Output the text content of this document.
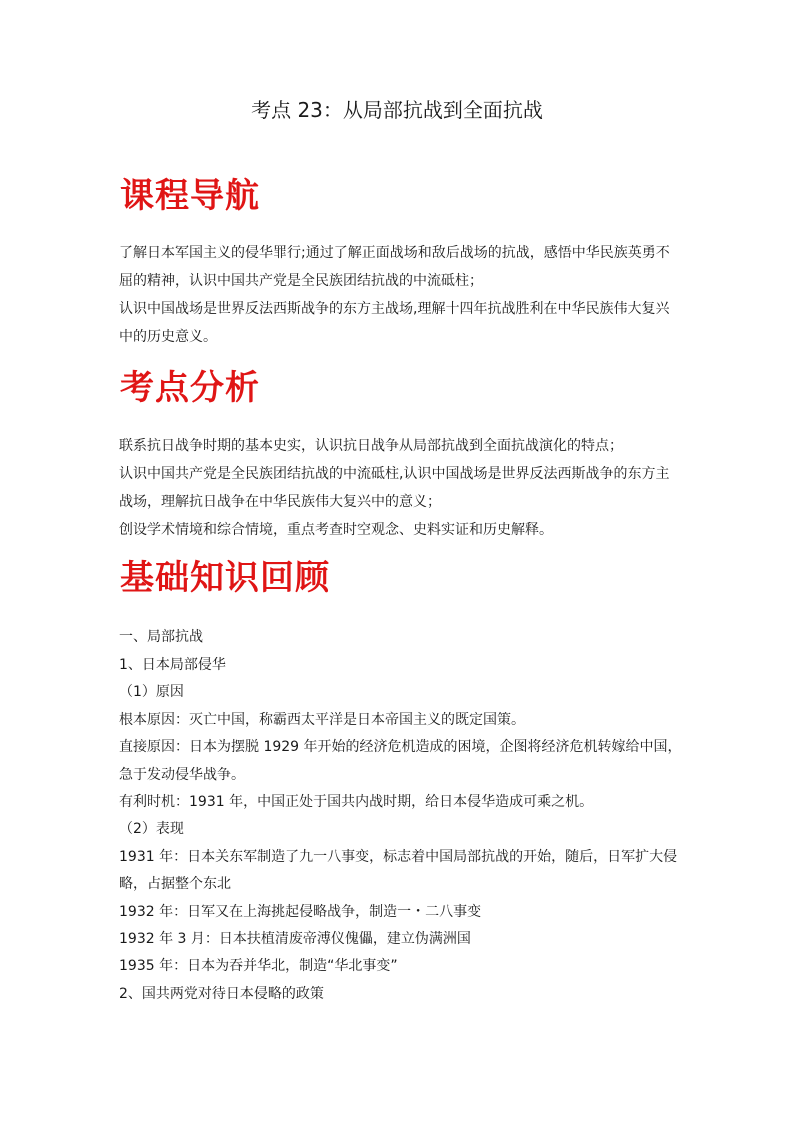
考点 23：从局部抗战到全面抗战
课程导航
了解日本军国主义的侵华罪行;通过了解正面战场和敌后战场的抗战，感悟中华民族英勇不
屈的精神，认识中国共产党是全民族团结抗战的中流砥柱；
认识中国战场是世界反法西斯战争的东方主战场,理解十四年抗战胜利在中华民族伟大复兴
中的历史意义。
考点分析
联系抗日战争时期的基本史实，认识抗日战争从局部抗战到全面抗战演化的特点；
认识中国共产党是全民族团结抗战的中流砥柱,认识中国战场是世界反法西斯战争的东方主
战场，理解抗日战争在中华民族伟大复兴中的意义；
创设学术情境和综合情境，重点考查时空观念、史料实证和历史解释。
基础知识回顾
一、局部抗战
1、日本局部侵华
（1）原因
根本原因：灭亡中国，称霸西太平洋是日本帝国主义的既定国策。
直接原因：日本为摆脱 1929 年开始的经济危机造成的困境，企图将经济危机转嫁给中国，
急于发动侵华战争。
有利时机：1931 年，中国正处于国共内战时期，给日本侵华造成可乘之机。
（2）表现
1931 年：日本关东军制造了九一八事变，标志着中国局部抗战的开始，随后，日军扩大侵
略，占据整个东北
1932 年：日军又在上海挑起侵略战争，制造一・二八事变
1932 年 3 月：日本扶植清废帝溥仪傀儡，建立伪满洲国
1935 年：日本为吞并华北，制造“华北事变”
2、国共两党对待日本侵略的政策
